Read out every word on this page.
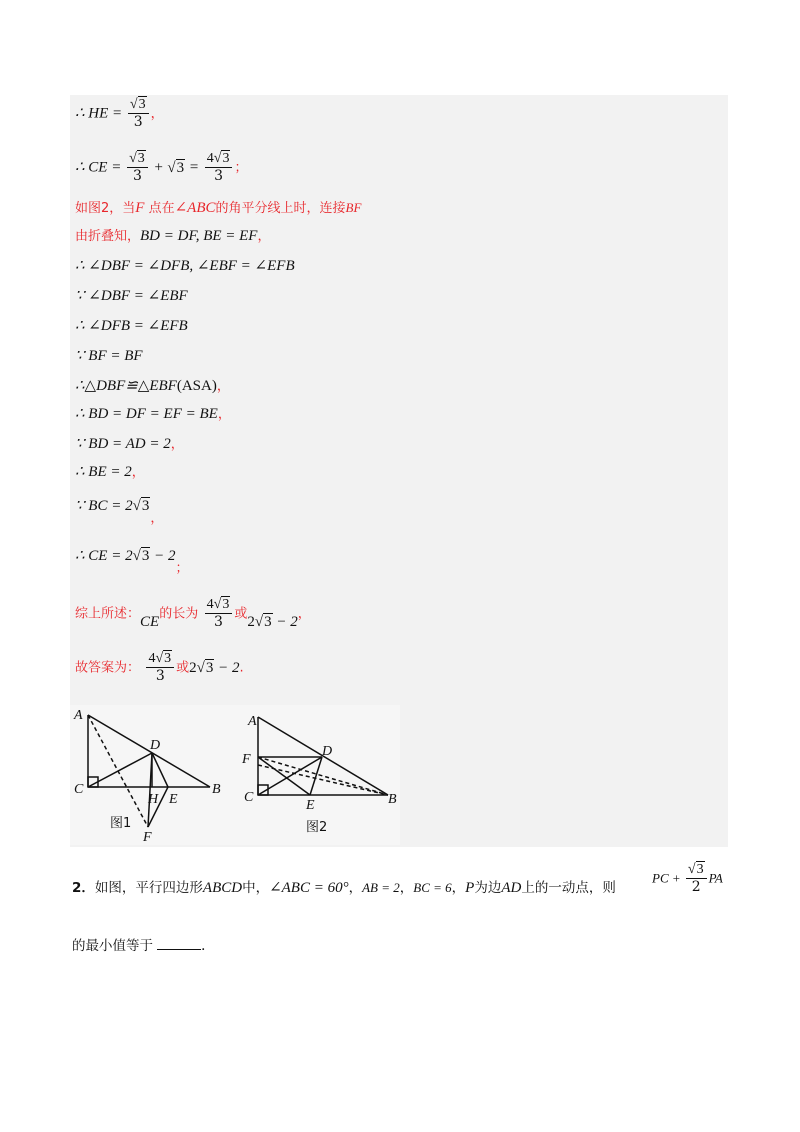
∴ HE = $\frac{√3}{3}$ ，
∴ CE = $\frac{√3}{3} + √3 = \frac{4√3}{3}$ ；
如图2，当F 点在∠ABC的角平分线上时，连接BF
由折叠知，BD = DF, BE = EF，
∴ ∠DBF = ∠DFB, ∠EBF = ∠EFB
∵ ∠DBF = ∠EBF
∴ ∠DFB = ∠EFB
∵ BF = BF
∴△DBF≌△EBF(ASA)，
∴ BD = DF = EF = BE，
∵ BD = AD = 2，
∴ BE = 2，
∵ BC = 2√3，
∴ CE = 2√3 − 2；
综上所述：CE的长为 $\frac{4√3}{3}$ 或2√3 − 2，
故答案为： $\frac{4√3}{3}$ 或2√3 − 2.
A
C
D
H E
B
F
图1
A
F
C
D
E	B
图2
2．如图，平行四边形ABCD中，∠ABC = 60°，AB = 2，BC = 6，P为边AD上的一动点，则
PC + $\frac{√3}{2}$ PA
的最小值等于	.
